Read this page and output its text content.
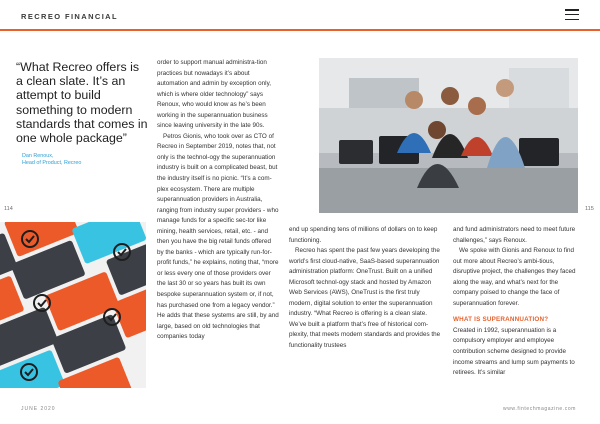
RECREO FINANCIAL
“What Recreo offers is a clean slate. It’s an attempt to build something to modern standards that comes in one whole package”
Dan Renoux,
Head of Product, Recreo
114	115

order to support manual administra-tion practices but nowadays it’s about automation and admin by exception only, which is where older technology” says Renoux, who would know as he’s been working in the superannuation business since leaving university in the late 90s.

Petros Gionis, who took over as CTO of Recreo in September 2019, notes that, not only is the technol-ogy the superannuation industry is built on a complicated beast, but the industry itself is no picnic. “It’s a com-plex ecosystem. There are multiple superannuation providers in Australia, ranging from industry super providers - who manage funds for a specific sec-tor like mining, health services, retail, etc. - and then you have the big retail funds offered by the banks - which are typically run-for-profit funds,” he explains, noting that, “more or less every one of those providers over the last 30 or so years has built its own bespoke superannuation system or, if not, has purchased one from a legacy vendor.” He adds that these systems are still, by and large, based on old technologies that companies today

end up spending tens of millions of dollars on to keep functioning.

Recreo has spent the past few years developing the world’s first cloud-native, SaaS-based superannuation administration platform: OneTrust. Built on a unified Microsoft technol-ogy stack and hosted by Amazon Web Services (AWS), OneTrust is the first truly modern, digital solution to enter the superannuation industry. “What Recreo is offering is a clean slate. We’ve built a platform that’s free of historical com-plexity, that meets modern standards and provides the functionality trustees

and fund administrators need to meet future challenges,” says Renoux.

We spoke with Gionis and Renoux to find out more about Recreo’s ambi-tious, disruptive project, the challenges they faced along the way, and what’s next for the company poised to change the face of superannuation forever.

WHAT IS SUPERANNUATION?

Created in 1992, superannuation is a compulsory employer and employee contribution scheme designed to provide income streams and lump sum payments to retirees. It’s similar

JUNE 2020	www.fintechmagazine.com
